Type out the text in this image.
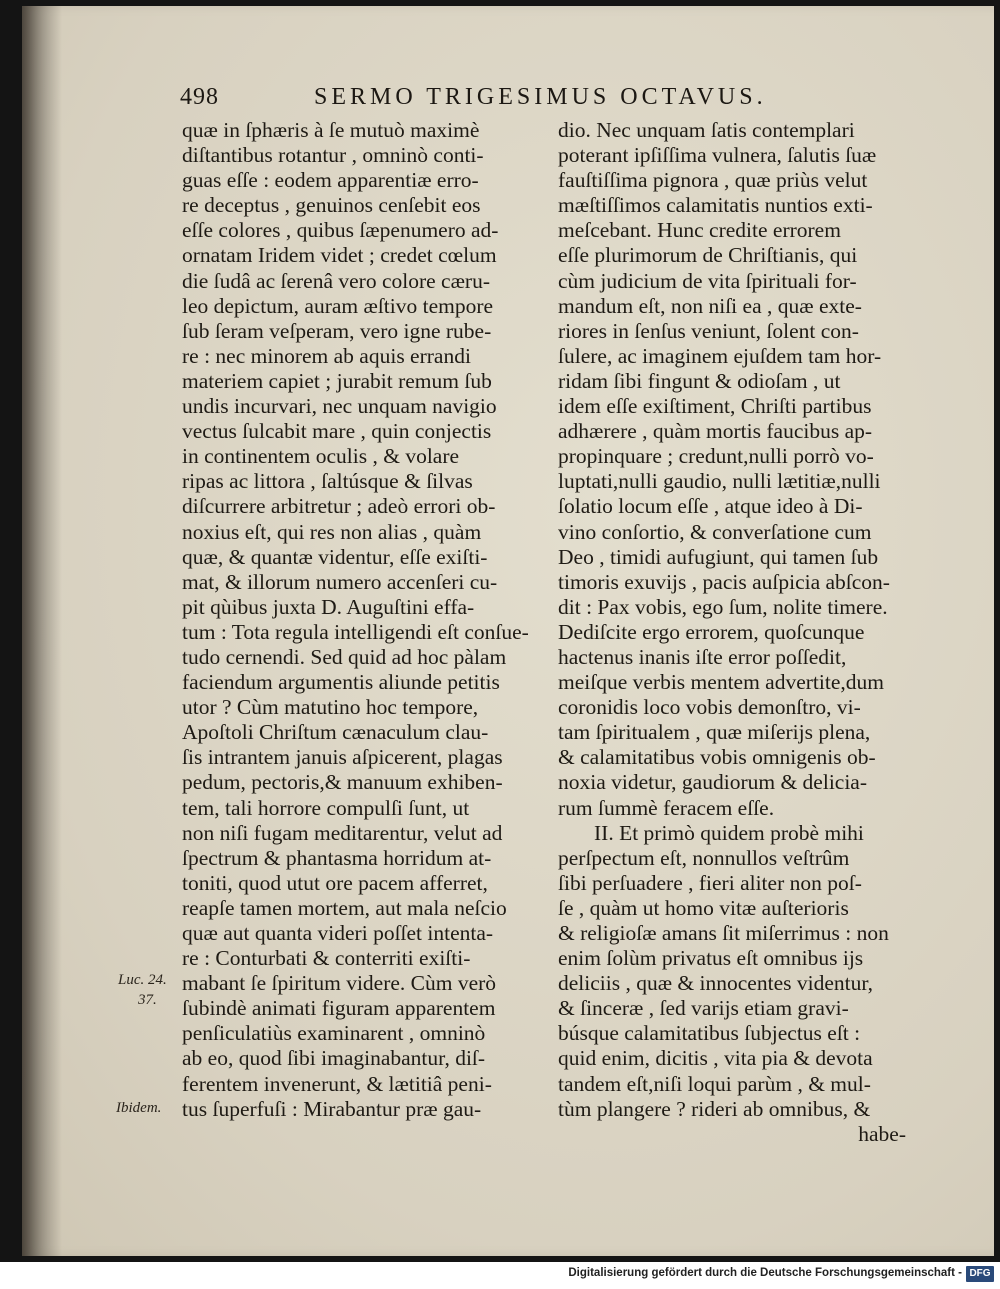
498	SERMO TRIGESIMUS OCTAVUS.
quæ in ſphæris à ſe mutuò maximè
diſtantibus rotantur , omninò conti-
guas eſſe : eodem apparentiæ erro-
re deceptus , genuinos cenſebit eos
eſſe colores , quibus ſæpenumero ad-
ornatam Iridem videt ; credet cœlum
die ſudâ ac ſerenâ vero colore cæru-
leo depictum, auram æſtivo tempore
ſub ſeram veſperam, vero igne rube-
re : nec minorem ab aquis errandi
materiem capiet ; jurabit remum ſub
undis incurvari, nec unquam navigio
vectus ſulcabit mare , quin conjectis
in continentem oculis , & volare
ripas ac littora , ſaltúsque & ſilvas
diſcurrere arbitretur ; adeò errori ob-
noxius eſt, qui res non alias , quàm
quæ, & quantæ videntur, eſſe exiſti-
mat, & illorum numero accenſeri cu-
pit qùibus juxta D. Auguſtini effa-
tum : Tota regula intelligendi eſt conſue-
tudo cernendi. Sed quid ad hoc pàlam
faciendum argumentis aliunde petitis
utor ? Cùm matutino hoc tempore,
Apoſtoli Chriſtum cænaculum clau-
ſis intrantem januis aſpicerent, plagas
pedum, pectoris,& manuum exhiben-
tem, tali horrore compulſi ſunt, ut
non niſi fugam meditarentur, velut ad
ſpectrum & phantasma horridum at-
toniti, quod utut ore pacem afferret,
reapſe tamen mortem, aut mala neſcio
quæ aut quanta videri poſſet intenta-
re : Conturbati & conterriti exiſti-
mabant ſe ſpiritum videre. Cùm verò
ſubindè animati figuram apparentem
penſiculatiùs examinarent , omninò
ab eo, quod ſibi imaginabantur, diſ-
ferentem invenerunt, & lætitiâ peni-
tus ſuperfuſi : Mirabantur præ gau-
dio. Nec unquam ſatis contemplari
poterant ipſiſſima vulnera, ſalutis ſuæ
fauſtiſſima pignora , quæ priùs velut
mæſtiſſimos calamitatis nuntios exti-
meſcebant. Hunc credite errorem
eſſe plurimorum de Chriſtianis, qui
cùm judicium de vita ſpirituali for-
mandum eſt, non niſi ea , quæ exte-
riores in ſenſus veniunt, ſolent con-
ſulere, ac imaginem ejuſdem tam hor-
ridam ſibi fingunt & odioſam , ut
idem eſſe exiſtiment, Chriſti partibus
adhærere , quàm mortis faucibus ap-
propinquare ; credunt,nulli porrò vo-
luptati,nulli gaudio, nulli lætitiæ,nulli
ſolatio locum eſſe , atque ideo à Di-
vino conſortio, & converſatione cum
Deo , timidi aufugiunt, qui tamen ſub
timoris exuvijs , pacis auſpicia abſcon-
dit : Pax vobis, ego ſum, nolite timere.
Dediſcite ergo errorem, quoſcunque
hactenus inanis iſte error poſſedit,
meiſque verbis mentem advertite,dum
coronidis loco vobis demonſtro, vi-
tam ſpiritualem , quæ miſerijs plena,
& calamitatibus vobis omnigenis ob-
noxia videtur, gaudiorum & delicia-
rum ſummè feracem eſſe.
II. Et primò quidem probè mihi
perſpectum eſt, nonnullos veſtrûm
ſibi perſuadere , fieri aliter non poſ-
ſe , quàm ut homo vitæ auſterioris
& religioſæ amans ſit miſerrimus : non
enim ſolùm privatus eſt omnibus ijs
deliciis , quæ & innocentes videntur,
& ſinceræ , ſed varijs etiam gravi-
búsque calamitatibus ſubjectus eſt :
quid enim, dicitis , vita pia & devota
tandem eſt,niſi loqui parùm , & mul-
tùm plangere ? rideri ab omnibus, &
habe-
Luc. 24.
37.
Ibidem.
Digitalisierung gefördert durch die Deutsche Forschungsgemeinschaft - DFG
